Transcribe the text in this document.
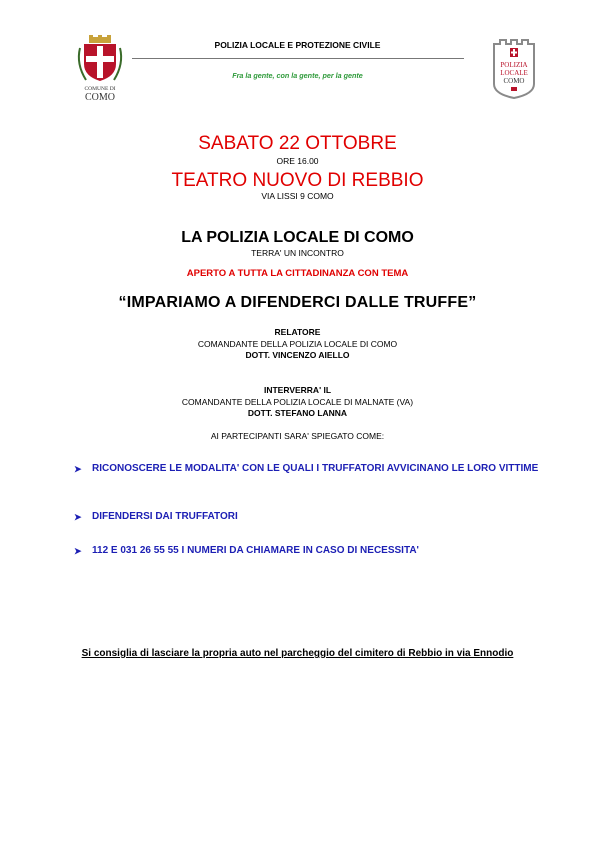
COMUNE DI
COMO
POLIZIA LOCALE E PROTEZIONE CIVILE
Fra la gente, con la gente, per la gente
POLIZIA
LOCALE
COMO
SABATO 22 OTTOBRE
ORE 16.00
TEATRO NUOVO DI REBBIO
VIA LISSI 9 COMO
LA POLIZIA LOCALE DI COMO
TERRA' UN INCONTRO
APERTO A TUTTA LA CITTADINANZA CON TEMA
“IMPARIAMO A DIFENDERCI DALLE TRUFFE”
RELATORE
COMANDANTE DELLA POLIZIA LOCALE DI COMO
DOTT. VINCENZO AIELLO
INTERVERRA' IL
COMANDANTE DELLA POLIZIA LOCALE DI MALNATE (VA)
DOTT. STEFANO LANNA
AI PARTECIPANTI SARA' SPIEGATO COME:
➤ RICONOSCERE LE MODALITA' CON LE QUALI I TRUFFATORI AVVICINANO LE LORO VITTIME
➤ DIFENDERSI DAI TRUFFATORI
➤ 112 E 031 26 55 55 I NUMERI DA CHIAMARE IN CASO DI NECESSITA'
Si consiglia di lasciare la propria auto nel parcheggio del cimitero di Rebbio in via Ennodio
